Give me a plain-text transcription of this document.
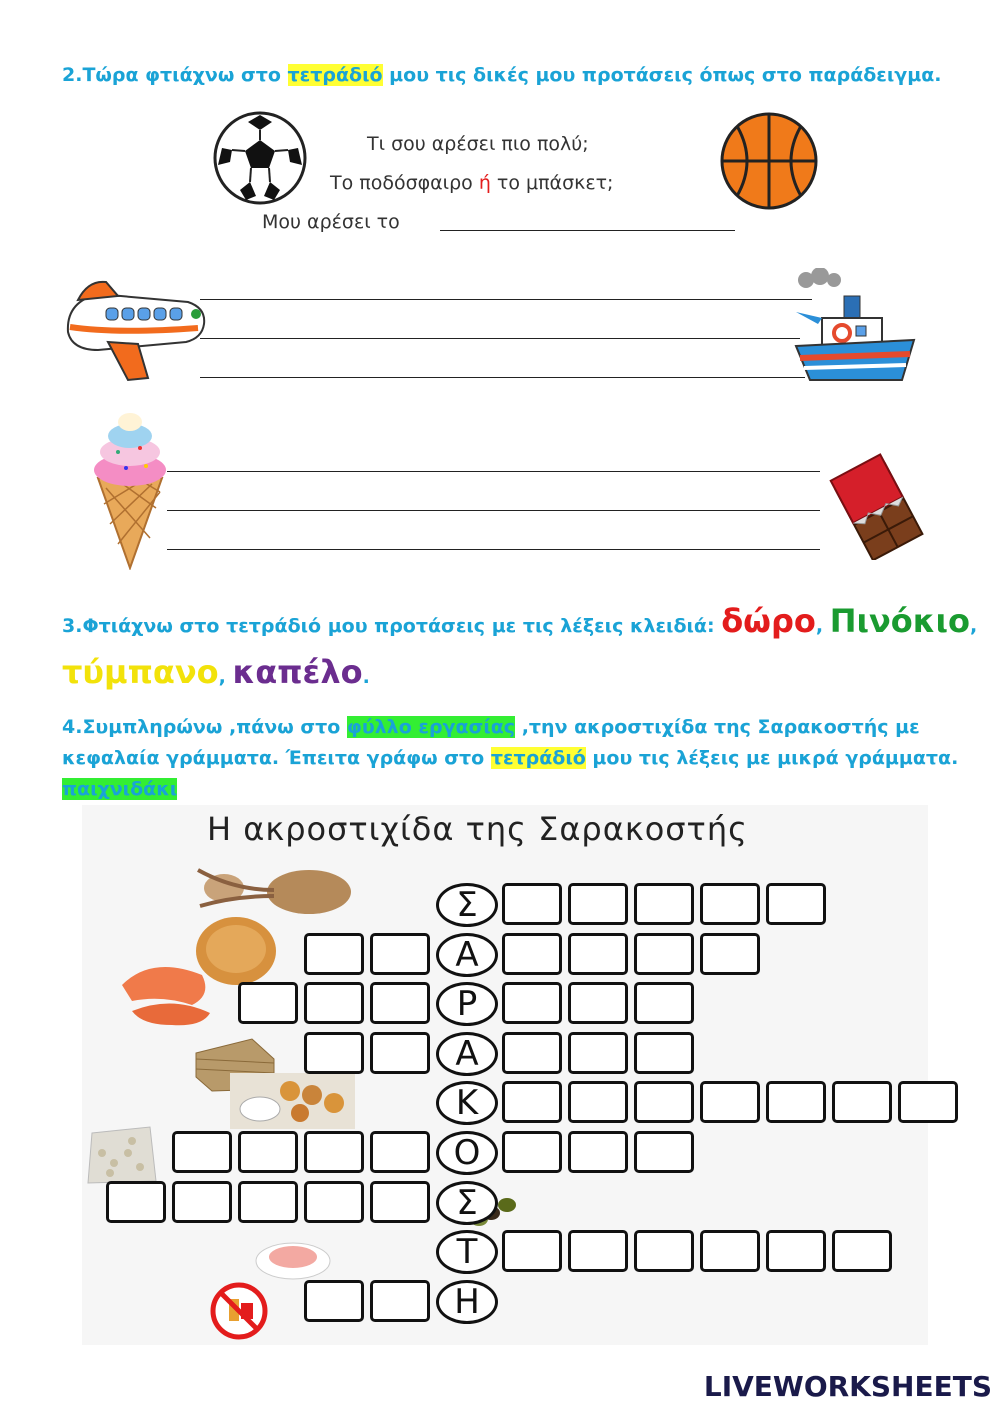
2.Τώρα φτιάχνω στο τετράδιό μου τις δικές μου προτάσεις όπως στο παράδειγμα.
Τι σου αρέσει πιο πολύ;
Το ποδόσφαιρο ή το μπάσκετ;
Μου αρέσει το
3.Φτιάχνω στο τετράδιό μου προτάσεις με τις λέξεις κλειδιά: δώρο, Πινόκιο,
τύμπανο, καπέλο.
4.Συμπληρώνω ,πάνω στο φύλλο εργασίας ,την ακροστιχίδα της Σαρακοστής με
κεφαλαία γράμματα. Έπειτα γράφω στο τετράδιό μου τις λέξεις με μικρά γράμματα.
παιχνιδάκι
Η ακροστιχίδα της Σαρακοστής
Σ
Α
Ρ
Α
Κ
Ο
Σ
Τ
Η
LIVEWORKSHEETS
